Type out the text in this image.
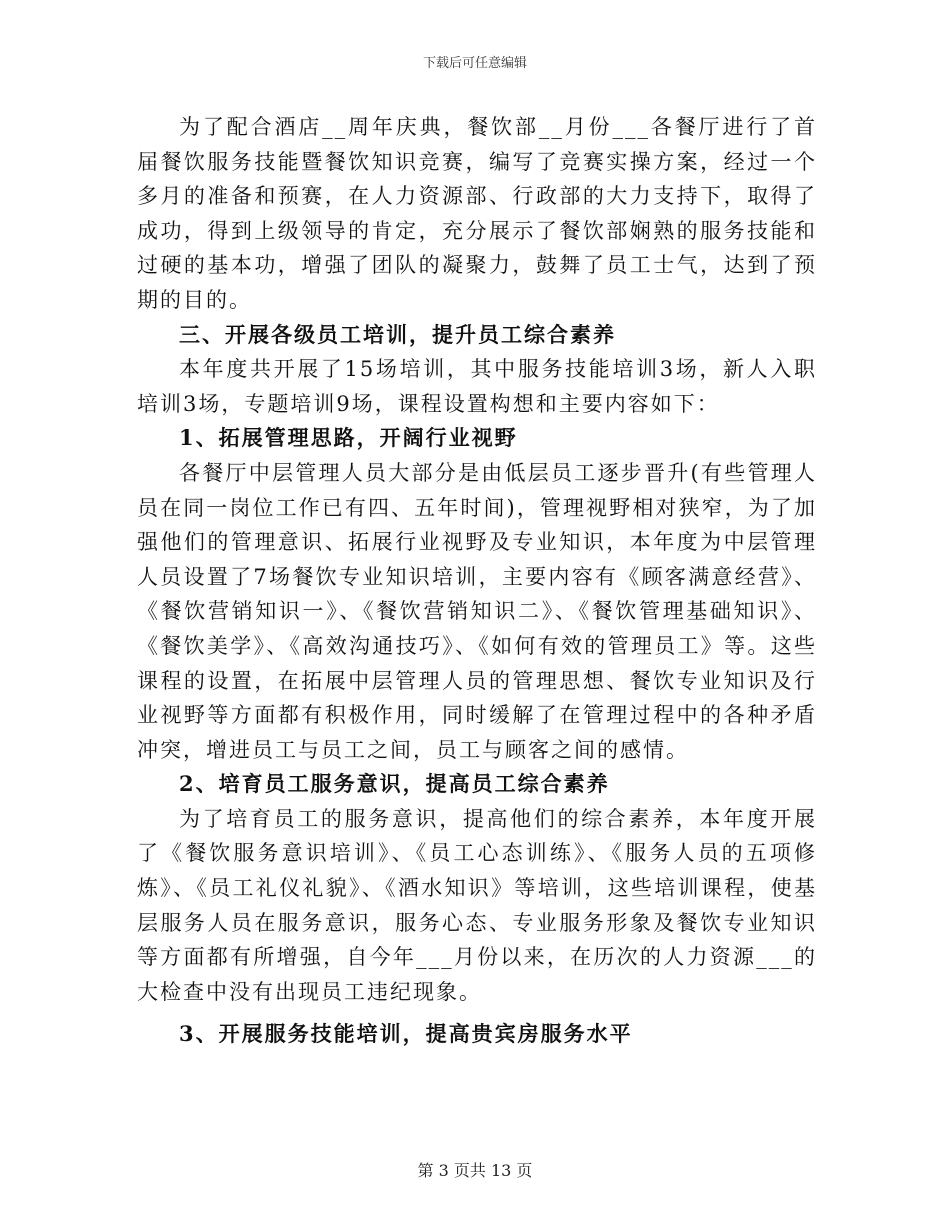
下载后可任意编辑

为了配合酒店__周年庆典，餐饮部__月份___各餐厅进行了首届餐饮服务技能暨餐饮知识竞赛，编写了竞赛实操方案，经过一个多月的准备和预赛，在人力资源部、行政部的大力支持下，取得了成功，得到上级领导的肯定，充分展示了餐饮部娴熟的服务技能和过硬的基本功，增强了团队的凝聚力，鼓舞了员工士气，达到了预期的目的。

三、开展各级员工培训，提升员工综合素养

本年度共开展了15场培训，其中服务技能培训3场，新人入职培训3场，专题培训9场，课程设置构想和主要内容如下：

1、拓展管理思路，开阔行业视野

各餐厅中层管理人员大部分是由低层员工逐步晋升(有些管理人员在同一岗位工作已有四、五年时间)，管理视野相对狭窄，为了加强他们的管理意识、拓展行业视野及专业知识，本年度为中层管理人员设置了7场餐饮专业知识培训，主要内容有《顾客满意经营》、《餐饮营销知识一》、《餐饮营销知识二》、《餐饮管理基础知识》、《餐饮美学》、《高效沟通技巧》、《如何有效的管理员工》等。这些课程的设置，在拓展中层管理人员的管理思想、餐饮专业知识及行业视野等方面都有积极作用，同时缓解了在管理过程中的各种矛盾冲突，增进员工与员工之间，员工与顾客之间的感情。

2、培育员工服务意识，提高员工综合素养

为了培育员工的服务意识，提高他们的综合素养，本年度开展了《餐饮服务意识培训》、《员工心态训练》、《服务人员的五项修炼》、《员工礼仪礼貌》、《酒水知识》等培训，这些培训课程，使基层服务人员在服务意识，服务心态、专业服务形象及餐饮专业知识等方面都有所增强，自今年___月份以来，在历次的人力资源___的大检查中没有出现员工违纪现象。

3、开展服务技能培训，提高贵宾房服务水平

第 3 页共 13 页
